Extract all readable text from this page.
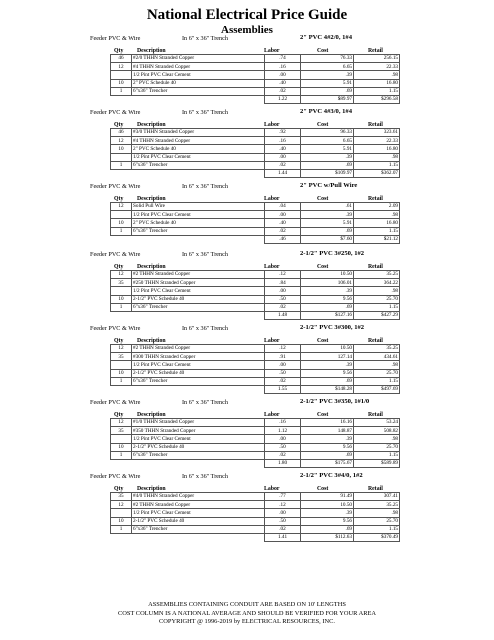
National Electrical Price Guide
Assemblies
Feeder PVC & Wire	In 6" x 36" Trench	2" PVC 4#2/0, 1#4
Qty Description	Labor	Cost	Retail
46	#2/0 THHN Stranded Copper	.74	76.33	256.15
12	#4 THHN Stranded Copper	.16	6.65	22.33
	1/2 Pint PVC Clear Cement	.00	.39	.98
10	2" PVC Schedule 40	.40	5.91	16.80
1	6"x36" Trencher	.02	.69	1.15
		1.22	$89.97	$296.58
Feeder PVC & Wire	In 6" x 36" Trench	2" PVC 4#3/0, 1#4
Qty Description	Labor	Cost	Retail
46	#3/0 THHN Stranded Copper	.92	96.33	323.61
12	#4 THHN Stranded Copper	.16	6.65	22.33
10	2" PVC Schedule 40	.40	5.91	16.80
	1/2 Pint PVC Clear Cement	.00	.39	.98
1	6"x36" Trencher	.02	.69	1.15
		1.44	$109.97	$362.07
Feeder PVC & Wire	In 6" x 36" Trench	2" PVC w/Pull Wire
Qty Description	Labor	Cost	Retail
12	Solid Pull Wire	.04	.61	2.09
	1/2 Pint PVC Clear Cement	.00	.39	.98
10	2" PVC Schedule 40	.40	5.91	16.80
1	6"x36" Trencher	.02	.69	1.15
		.46	$7.60	$21.12
Feeder PVC & Wire	In 6" x 36" Trench	2-1/2" PVC 3#250, 1#2
Qty Description	Labor	Cost	Retail
12	#2 THHN Stranded Copper	.12	10.50	35.25
35	#250 THHN Stranded Copper	.84	106.01	364.22
	1/2 Pint PVC Clear Cement	.00	.39	.98
10	2-1/2" PVC Schedule 40	.50	9.56	25.70
1	6"x36" Trencher	.02	.69	1.15
		1.48	$127.16	$427.29
Feeder PVC & Wire	In 6" x 36" Trench	2-1/2" PVC 3#300, 1#2
Qty Description	Labor	Cost	Retail
12	#2 THHN Stranded Copper	.12	10.50	35.25
35	#300 THHN Stranded Copper	.91	127.14	434.61
	1/2 Pint PVC Clear Cement	.00	.39	.98
10	2-1/2" PVC Schedule 40	.50	9.56	25.70
1	6"x36" Trencher	.02	.69	1.15
		1.55	$148.28	$497.69
Feeder PVC & Wire	In 6" x 36" Trench	2-1/2" PVC 3#350, 1#1/0
Qty Description	Labor	Cost	Retail
12	#1/0 THHN Stranded Copper	.16	16.16	53.24
35	#350 THHN Stranded Copper	1.12	148.87	508.82
	1/2 Pint PVC Clear Cement	.00	.39	.98
10	2-1/2" PVC Schedule 40	.50	9.56	25.70
1	6"x36" Trencher	.02	.69	1.15
		1.80	$175.67	$589.89
Feeder PVC & Wire	In 6" x 36" Trench	2-1/2" PVC 3#4/0, 1#2
Qty Description	Labor	Cost	Retail
35	#4/0 THHN Stranded Copper	.77	91.49	307.41
12	#2 THHN Stranded Copper	.12	10.50	35.25
	1/2 Pint PVC Clear Cement	.00	.39	.98
10	2-1/2" PVC Schedule 40	.50	9.56	25.70
1	6"x36" Trencher	.02	.69	1.15
		1.41	$112.63	$370.49
ASSEMBLIES CONTAINING CONDUIT ARE BASED ON 10' LENGTHS
COST COLUMN IS A NATIONAL AVERAGE AND SHOULD BE VERIFIED FOR YOUR AREA
COPYRIGHT @ 1996-2019 by ELECTRICAL RESOURCES, INC.
